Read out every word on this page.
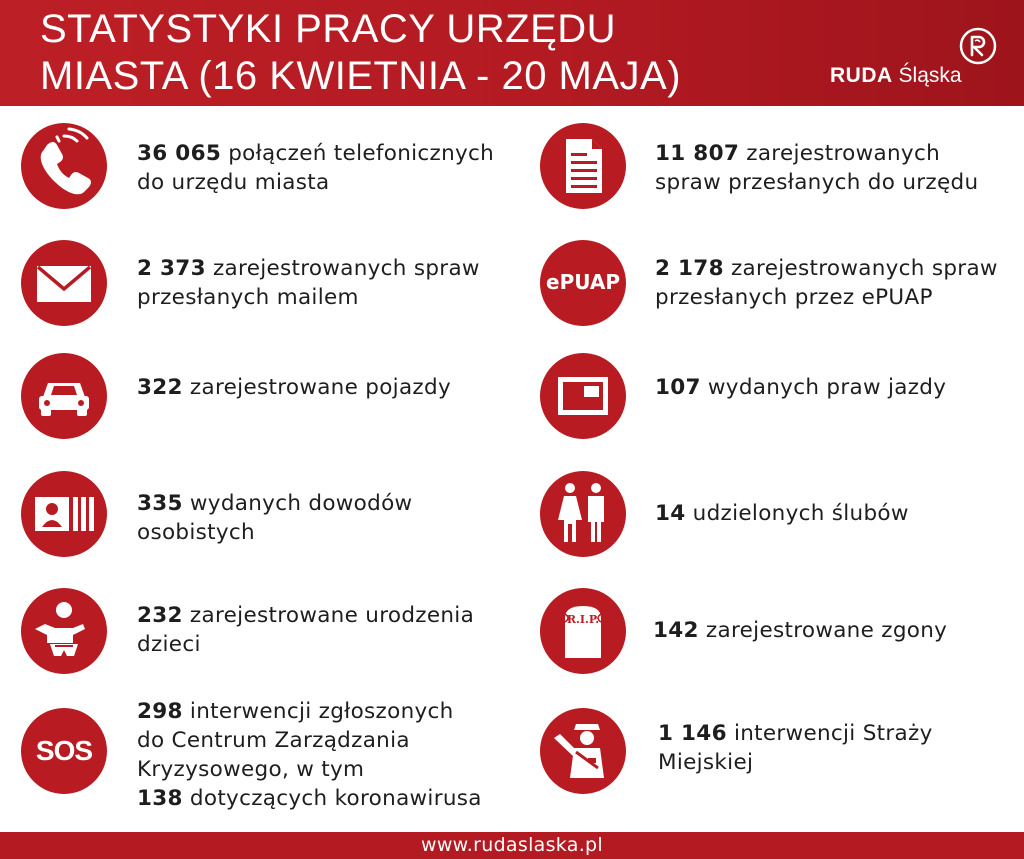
STATYSTYKI PRACY URZĘDU
MIASTA (16 KWIETNIA - 20 MAJA)	RUDA Śląska
36 065 połączeń telefonicznych
do urzędu miasta
11 807 zarejestrowanych
spraw przesłanych do urzędu
2 373 zarejestrowanych spraw
przesłanych mailem
ePUAP
2 178 zarejestrowanych spraw
przesłanych przez ePUAP
322 zarejestrowane pojazdy	107 wydanych praw jazdy
335 wydanych dowodów
osobistych
14 udzielonych ślubów
232 zarejestrowane urodzenia
dzieci
R.I.P.	142 zarejestrowane zgony
SOS
298 interwencji zgłoszonych
do Centrum Zarządzania
Kryzysowego, w tym
138 dotyczących koronawirusa
1 146 interwencji Straży
Miejskiej
www.rudaslaska.pl
